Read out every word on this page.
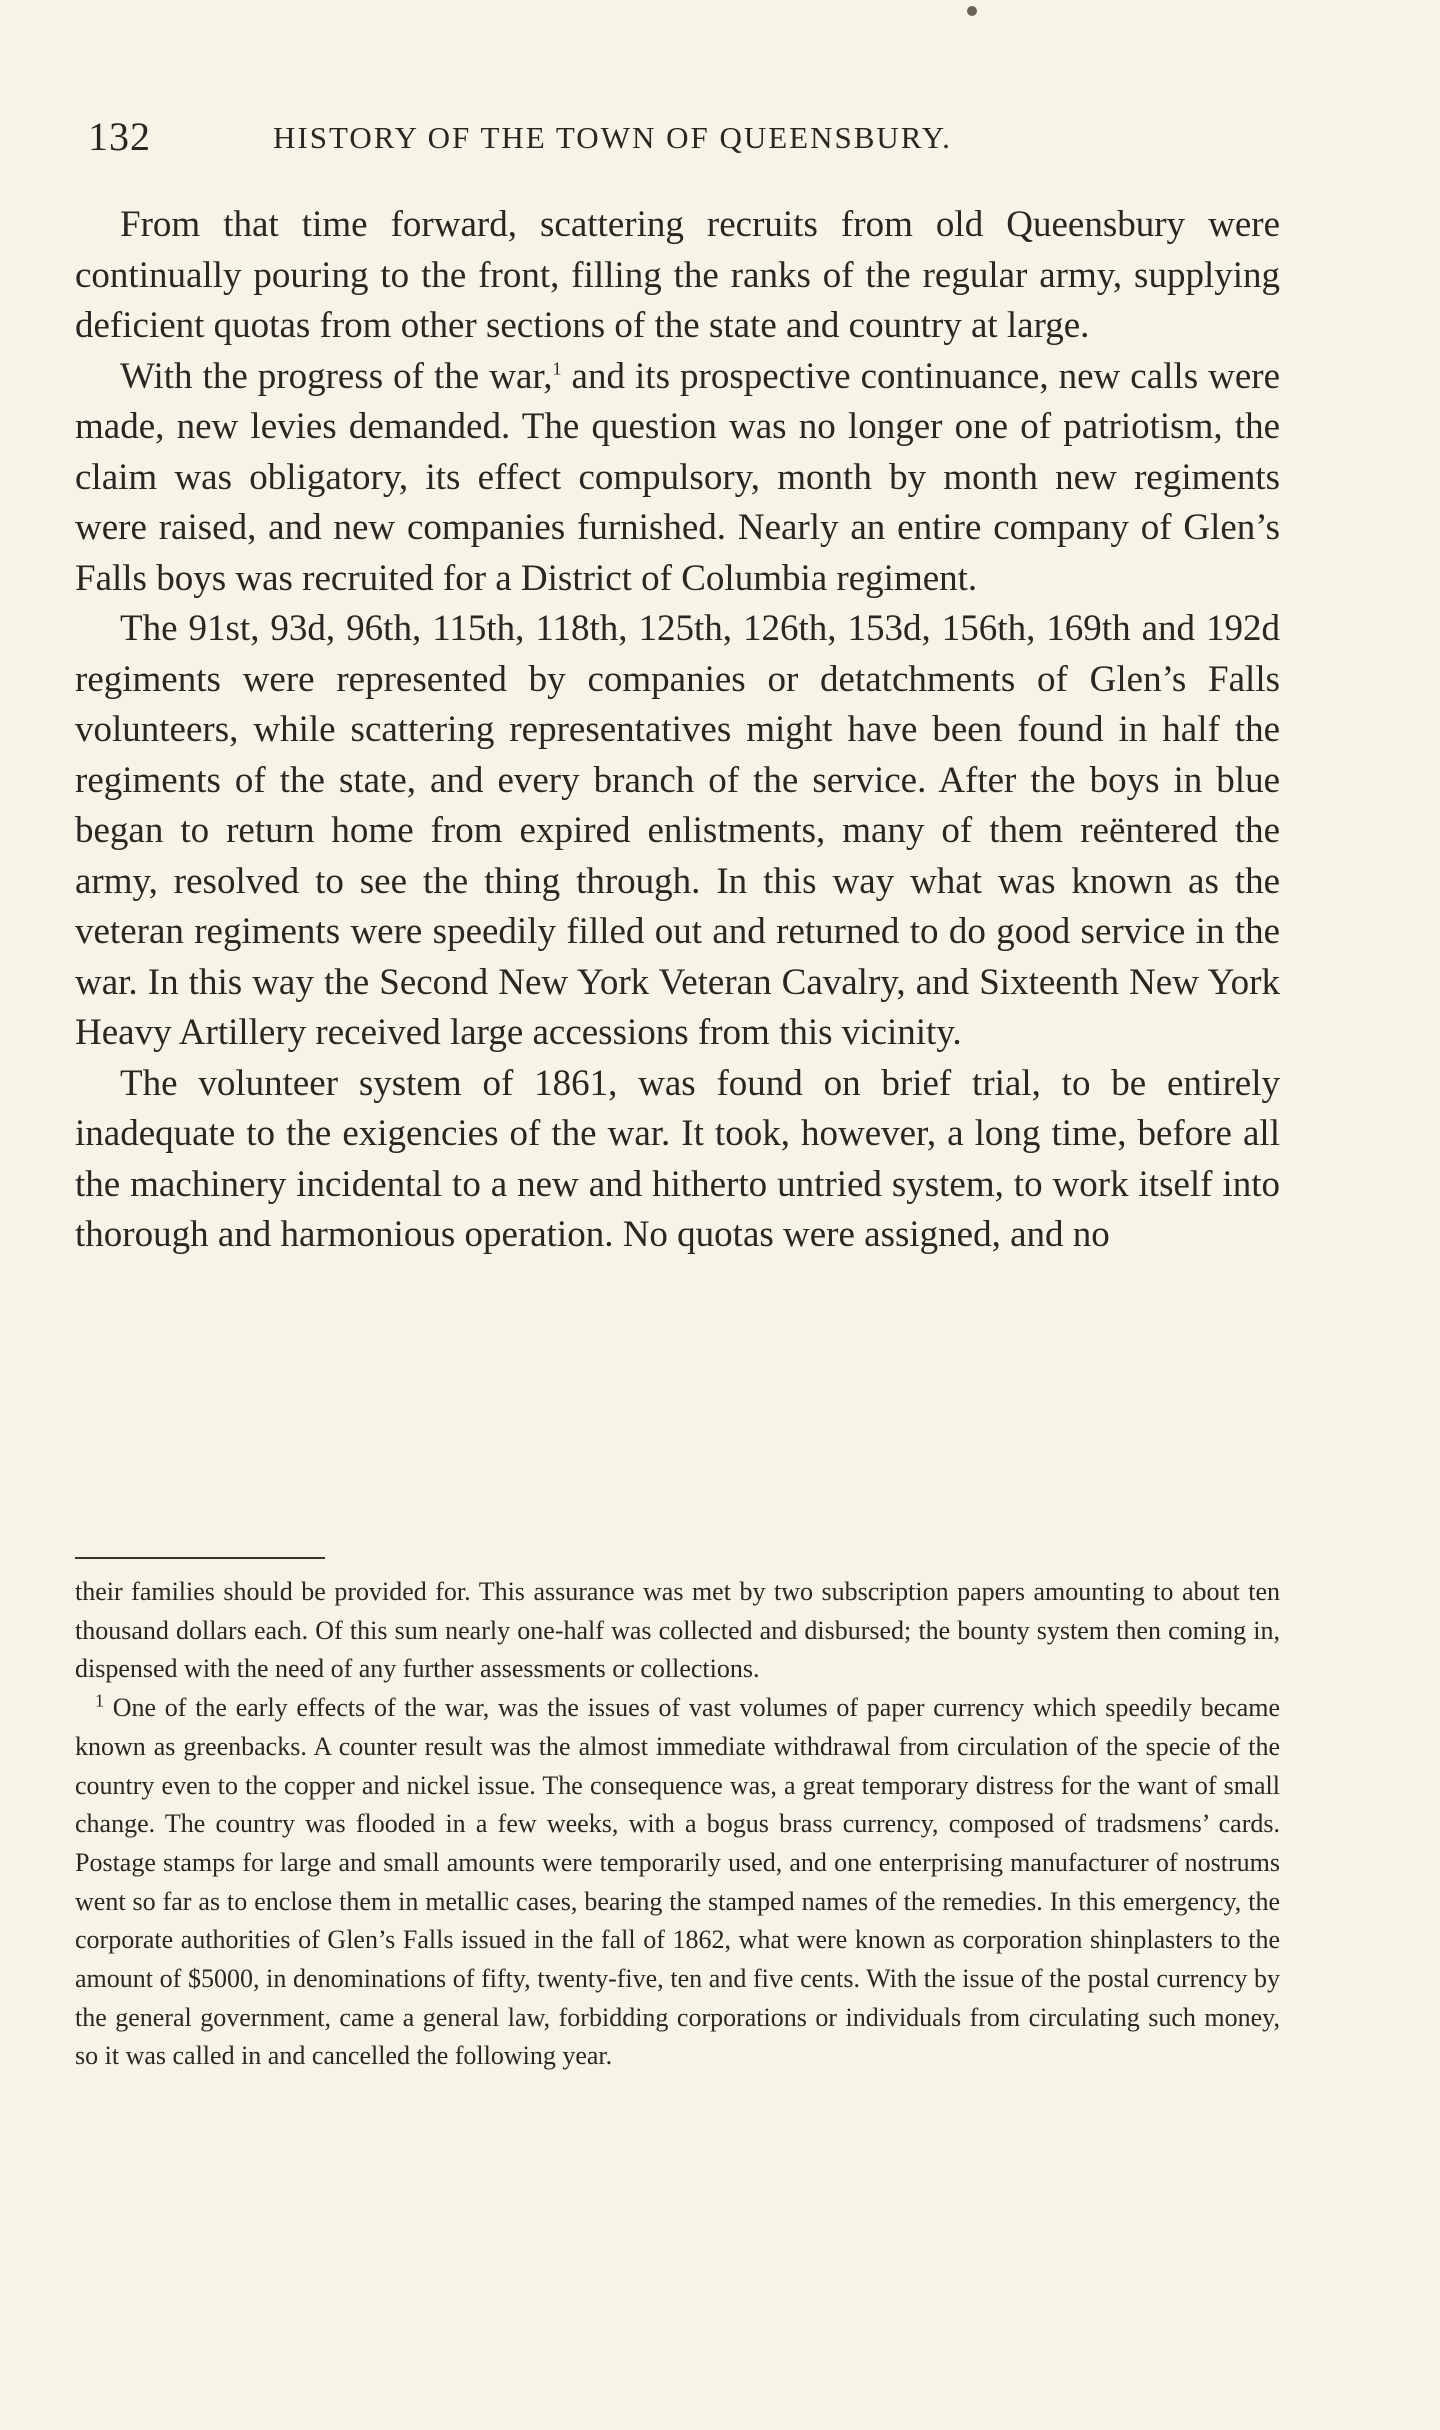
132	HISTORY OF THE TOWN OF QUEENSBURY.

From that time forward, scattering recruits from old Queensbury were continually pouring to the front, filling the ranks of the regular army, supplying deficient quotas from other sections of the state and country at large.

With the progress of the war,$^1$ and its prospective continuance, new calls were made, new levies demanded. The question was no longer one of patriotism, the claim was obligatory, its effect compulsory, month by month new regiments were raised, and new companies furnished. Nearly an entire company of Glen’s Falls boys was recruited for a District of Columbia regiment.

The 91st, 93d, 96th, 115th, 118th, 125th, 126th, 153d, 156th, 169th and 192d regiments were represented by companies or detatchments of Glen’s Falls volunteers, while scattering representatives might have been found in half the regiments of the state, and every branch of the service. After the boys in blue began to return home from expired enlistments, many of them reëntered the army, resolved to see the thing through. In this way what was known as the veteran regiments were speedily filled out and returned to do good service in the war. In this way the Second New York Veteran Cavalry, and Sixteenth New York Heavy Artillery received large accessions from this vicinity.

The volunteer system of 1861, was found on brief trial, to be entirely inadequate to the exigencies of the war. It took, however, a long time, before all the machinery incidental to a new and hitherto untried system, to work itself into thorough and harmonious operation. No quotas were assigned, and no

their families should be provided for. This assurance was met by two subscription papers amounting to about ten thousand dollars each. Of this sum nearly one-half was collected and disbursed; the bounty system then coming in, dispensed with the need of any further assessments or collections.

$^1$ One of the early effects of the war, was the issues of vast volumes of paper currency which speedily became known as greenbacks. A counter result was the almost immediate withdrawal from circulation of the specie of the country even to the copper and nickel issue. The consequence was, a great temporary distress for the want of small change. The country was flooded in a few weeks, with a bogus brass currency, composed of tradsmens’ cards. Postage stamps for large and small amounts were temporarily used, and one enterprising manufacturer of nostrums went so far as to enclose them in metallic cases, bearing the stamped names of the remedies. In this emergency, the corporate authorities of Glen’s Falls issued in the fall of 1862, what were known as corporation shinplasters to the amount of $5000, in denominations of fifty, twenty-five, ten and five cents. With the issue of the postal currency by the general government, came a general law, forbidding corporations or individuals from circulating such money, so it was called in and cancelled the following year.
